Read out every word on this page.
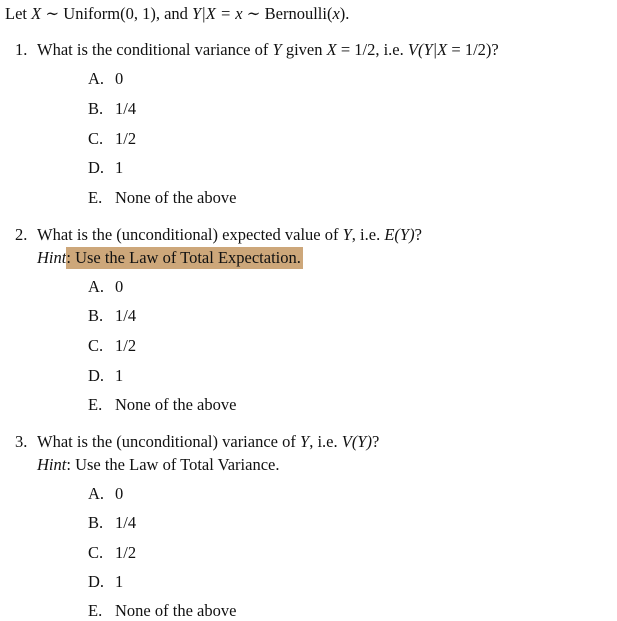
Let X ∼ Uniform(0, 1), and Y|X = x ∼ Bernoulli(x).
1. What is the conditional variance of Y given X = 1/2, i.e. V(Y|X = 1/2)?
A. 0
B. 1/4
C. 1/2
D. 1
E. None of the above
2. What is the (unconditional) expected value of Y, i.e. E(Y)?
Hint: Use the Law of Total Expectation.
A. 0
B. 1/4
C. 1/2
D. 1
E. None of the above
3. What is the (unconditional) variance of Y, i.e. V(Y)?
Hint: Use the Law of Total Variance.
A. 0
B. 1/4
C. 1/2
D. 1
E. None of the above
